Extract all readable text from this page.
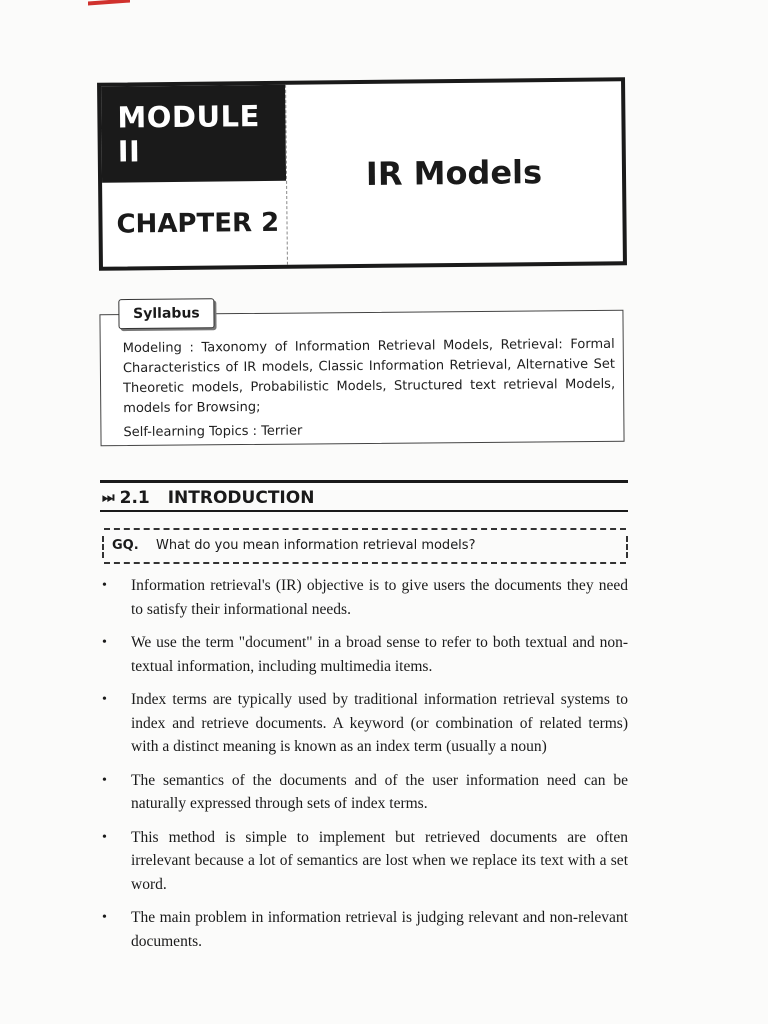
MODULE II
CHAPTER 2
IR Models
Syllabus
Modeling : Taxonomy of Information Retrieval Models, Retrieval: Formal Characteristics of IR models, Classic Information Retrieval, Alternative Set Theoretic models, Probabilistic Models, Structured text retrieval Models, models for Browsing;
Self-learning Topics : Terrier
⏭ 2.1 INTRODUCTION
GQ. What do you mean information retrieval models?
• Information retrieval's (IR) objective is to give users the documents they need to satisfy their informational needs.
• We use the term "document" in a broad sense to refer to both textual and non-textual information, including multimedia items.
• Index terms are typically used by traditional information retrieval systems to index and retrieve documents. A keyword (or combination of related terms) with a distinct meaning is known as an index term (usually a noun)
• The semantics of the documents and of the user information need can be naturally expressed through sets of index terms.
• This method is simple to implement but retrieved documents are often irrelevant because a lot of semantics are lost when we replace its text with a set word.
• The main problem in information retrieval is judging relevant and non-relevant documents.
